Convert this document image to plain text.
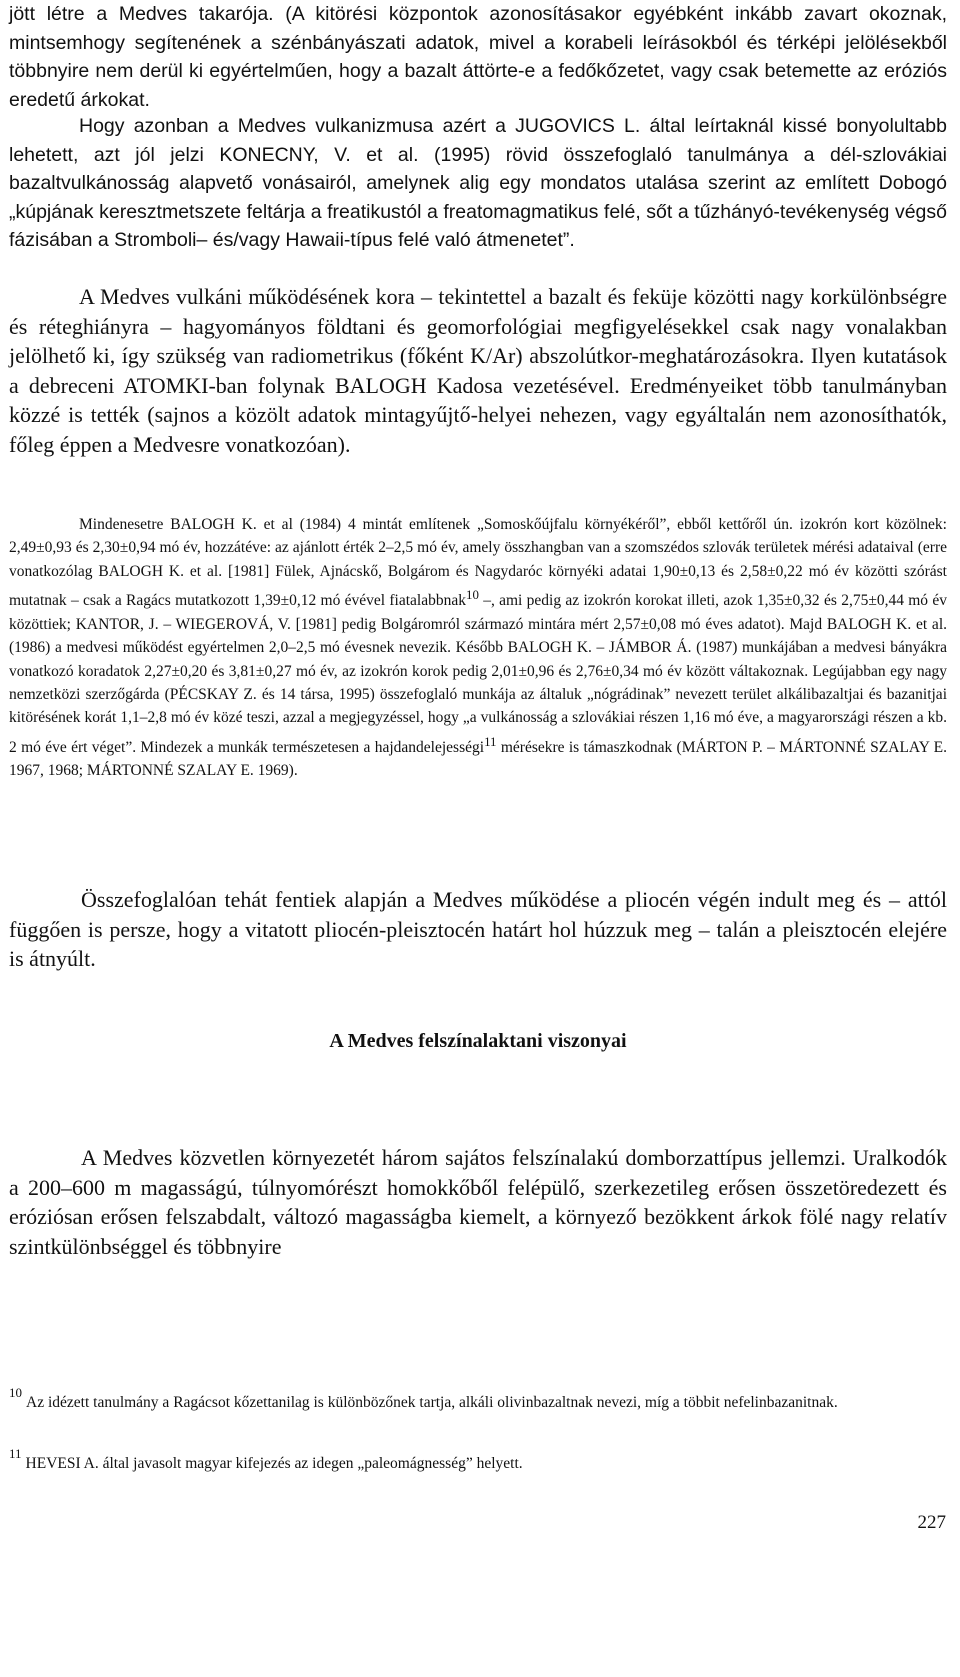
jött létre a Medves takarója. (A kitörési központok azonosításakor egyébként inkább zavart okoznak, mintsemhogy segítenének a szénbányászati adatok, mivel a korabeli leírásokból és térképi jelölésekből többnyire nem derül ki egyértelműen, hogy a bazalt áttörte-e a fedőkőzetet, vagy csak betemette az eróziós eredetű árkokat.

Hogy azonban a Medves vulkanizmusa azért a JUGOVICS L. által leírtaknál kissé bonyolultabb lehetett, azt jól jelzi KONECNY, V. et al. (1995) rövid összefoglaló tanulmánya a dél-szlovákiai bazaltvulkánosság alapvető vonásairól, amelynek alig egy mondatos utalása szerint az említett Dobogó „kúpjának keresztmetszete feltárja a freatikustól a freatomagmatikus felé, sőt a tűzhányó-tevékenység végső fázisában a Stromboli– és/vagy Hawaii-típus felé való átmenetet”.

A Medves vulkáni működésének kora – tekintettel a bazalt és feküje közötti nagy korkülönbségre és réteghiányra – hagyományos földtani és geomorfológiai megfigyelésekkel csak nagy vonalakban jelölhető ki, így szükség van radiometrikus (főként K/Ar) abszolútkor-meghatározásokra. Ilyen kutatások a debreceni ATOMKI-ban folynak BALOGH Kadosa vezetésével. Eredményeiket több tanulmányban közzé is tették (sajnos a közölt adatok mintagyűjtő-helyei nehezen, vagy egyáltalán nem azonosíthatók, főleg éppen a Medvesre vonatkozóan).

Mindenesetre BALOGH K. et al (1984) 4 mintát említenek „Somoskőújfalu környékéről”, ebből kettőről ún. izokrón kort közölnek: 2,49±0,93 és 2,30±0,94 mó év, hozzátéve: az ajánlott érték 2–2,5 mó év, amely összhangban van a szomszédos szlovák területek mérési adataival (erre vonatkozólag BALOGH K. et al. [1981] Fülek, Ajnácskő, Bolgárom és Nagydaróc környéki adatai 1,90±0,13 és 2,58±0,22 mó év közötti szórást mutatnak – csak a Ragács mutatkozott 1,39±0,12 mó évével fiatalabbnak$^{10}$ –, ami pedig az izokrón korokat illeti, azok 1,35±0,32 és 2,75±0,44 mó év közöttiek; KANTOR, J. – WIEGEROVÁ, V. [1981] pedig Bolgáromról származó mintára mért 2,57±0,08 mó éves adatot). Majd BALOGH K. et al. (1986) a medvesi működést egyértelmen 2,0–2,5 mó évesnek nevezik. Később BALOGH K. – JÁMBOR Á. (1987) munkájában a medvesi bányákra vonatkozó koradatok 2,27±0,20 és 3,81±0,27 mó év, az izokrón korok pedig 2,01±0,96 és 2,76±0,34 mó év között váltakoznak. Legújabban egy nagy nemzetközi szerzőgárda (PÉCSKAY Z. és 14 társa, 1995) összefoglaló munkája az általuk „nógrádinak” nevezett terület alkálibazaltjai és bazanitjai kitörésének korát 1,1–2,8 mó év közé teszi, azzal a megjegyzéssel, hogy „a vulkánosság a szlovákiai részen 1,16 mó éve, a magyarországi részen a kb. 2 mó éve ért véget”. Mindezek a munkák természetesen a hajdandelejességi$^{11}$ mérésekre is támaszkodnak (MÁRTON P. – MÁRTONNÉ SZALAY E. 1967, 1968; MÁRTONNÉ SZALAY E. 1969).

Összefoglalóan tehát fentiek alapján a Medves működése a pliocén végén indult meg és – attól függően is persze, hogy a vitatott pliocén-pleisztocén határt hol húzzuk meg – talán a pleisztocén elejére is átnyúlt.

A Medves felszínalaktani viszonyai

A Medves közvetlen környezetét három sajátos felszínalakú domborzattípus jellemzi. Uralkodók a 200–600 m magasságú, túlnyomórészt homokkőből felépülő, szerkezetileg erősen összetöredezett és eróziósan erősen felszabdalt, változó magasságba kiemelt, a környező bezökkent árkok fölé nagy relatív szintkülönbséggel és többnyire

$^{10}$Az idézett tanulmány a Ragácsot kőzettanilag is különbözőnek tartja, alkáli olivinbazaltnak nevezi, míg a többit nefelinbazanitnak.

$^{11}$HEVESI A. által javasolt magyar kifejezés az idegen „paleomágnesség” helyett.

227
